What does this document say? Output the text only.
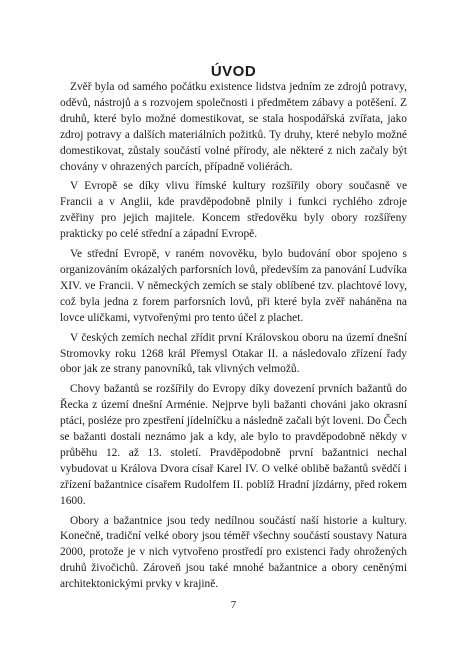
ÚVOD

Zvěř byla od samého počátku existence lidstva jedním ze zdrojů potravy, oděvů, nástrojů a s rozvojem společnosti i předmětem zábavy a potěšení. Z druhů, které bylo možné domestikovat, se stala hospodářská zvířata, jako zdroj potravy a dalších materiálních požitků. Ty druhy, které nebylo možné domestikovat, zůstaly součástí volné přírody, ale některé z nich začaly být chovány v ohrazených parcích, případně voliérách.

V Evropě se díky vlivu římské kultury rozšířily obory současně ve Francii a v Anglii, kde pravděpodobně plnily i funkci rychlého zdroje zvěřiny pro jejich majitele. Koncem středověku byly obory rozšířeny prakticky po celé střední a západní Evropě.

Ve střední Evropě, v raném novověku, bylo budování obor spojeno s organizováním okázalých parforsních lovů, především za panování Ludvíka XIV. ve Francii. V německých zemích se staly oblíbené tzv. plachtové lovy, což byla jedna z forem parforsních lovů, při které byla zvěř naháněna na lovce uličkami, vytvořenými pro tento účel z plachet.

V českých zemích nechal zřídit první Královskou oboru na území dnešní Stromovky roku 1268 král Přemysl Otakar II. a následovalo zřízení řady obor jak ze strany panovníků, tak vlivných velmožů.

Chovy bažantů se rozšířily do Evropy díky dovezení prvních bažantů do Řecka z území dnešní Arménie. Nejprve byli bažanti chováni jako okrasní ptáci, posléze pro zpestření jídelníčku a následně začali být loveni. Do Čech se bažanti dostali neznámo jak a kdy, ale bylo to pravděpodobně někdy v průběhu 12. až 13. století. Pravděpodobně první bažantnici nechal vybudovat u Králova Dvora císař Karel IV. O velké oblibě bažantů svědčí i zřízení bažantnice císařem Rudolfem II. poblíž Hradní jízdárny, před rokem 1600.

Obory a bažantnice jsou tedy nedílnou součástí naší historie a kultury. Konečně, tradiční velké obory jsou téměř všechny součástí soustavy Natura 2000, protože je v nich vytvořeno prostředí pro existenci řady ohrožených druhů živočichů. Zároveň jsou také mnohé bažantnice a obory ceněnými architektonickými prvky v krajině.

7
